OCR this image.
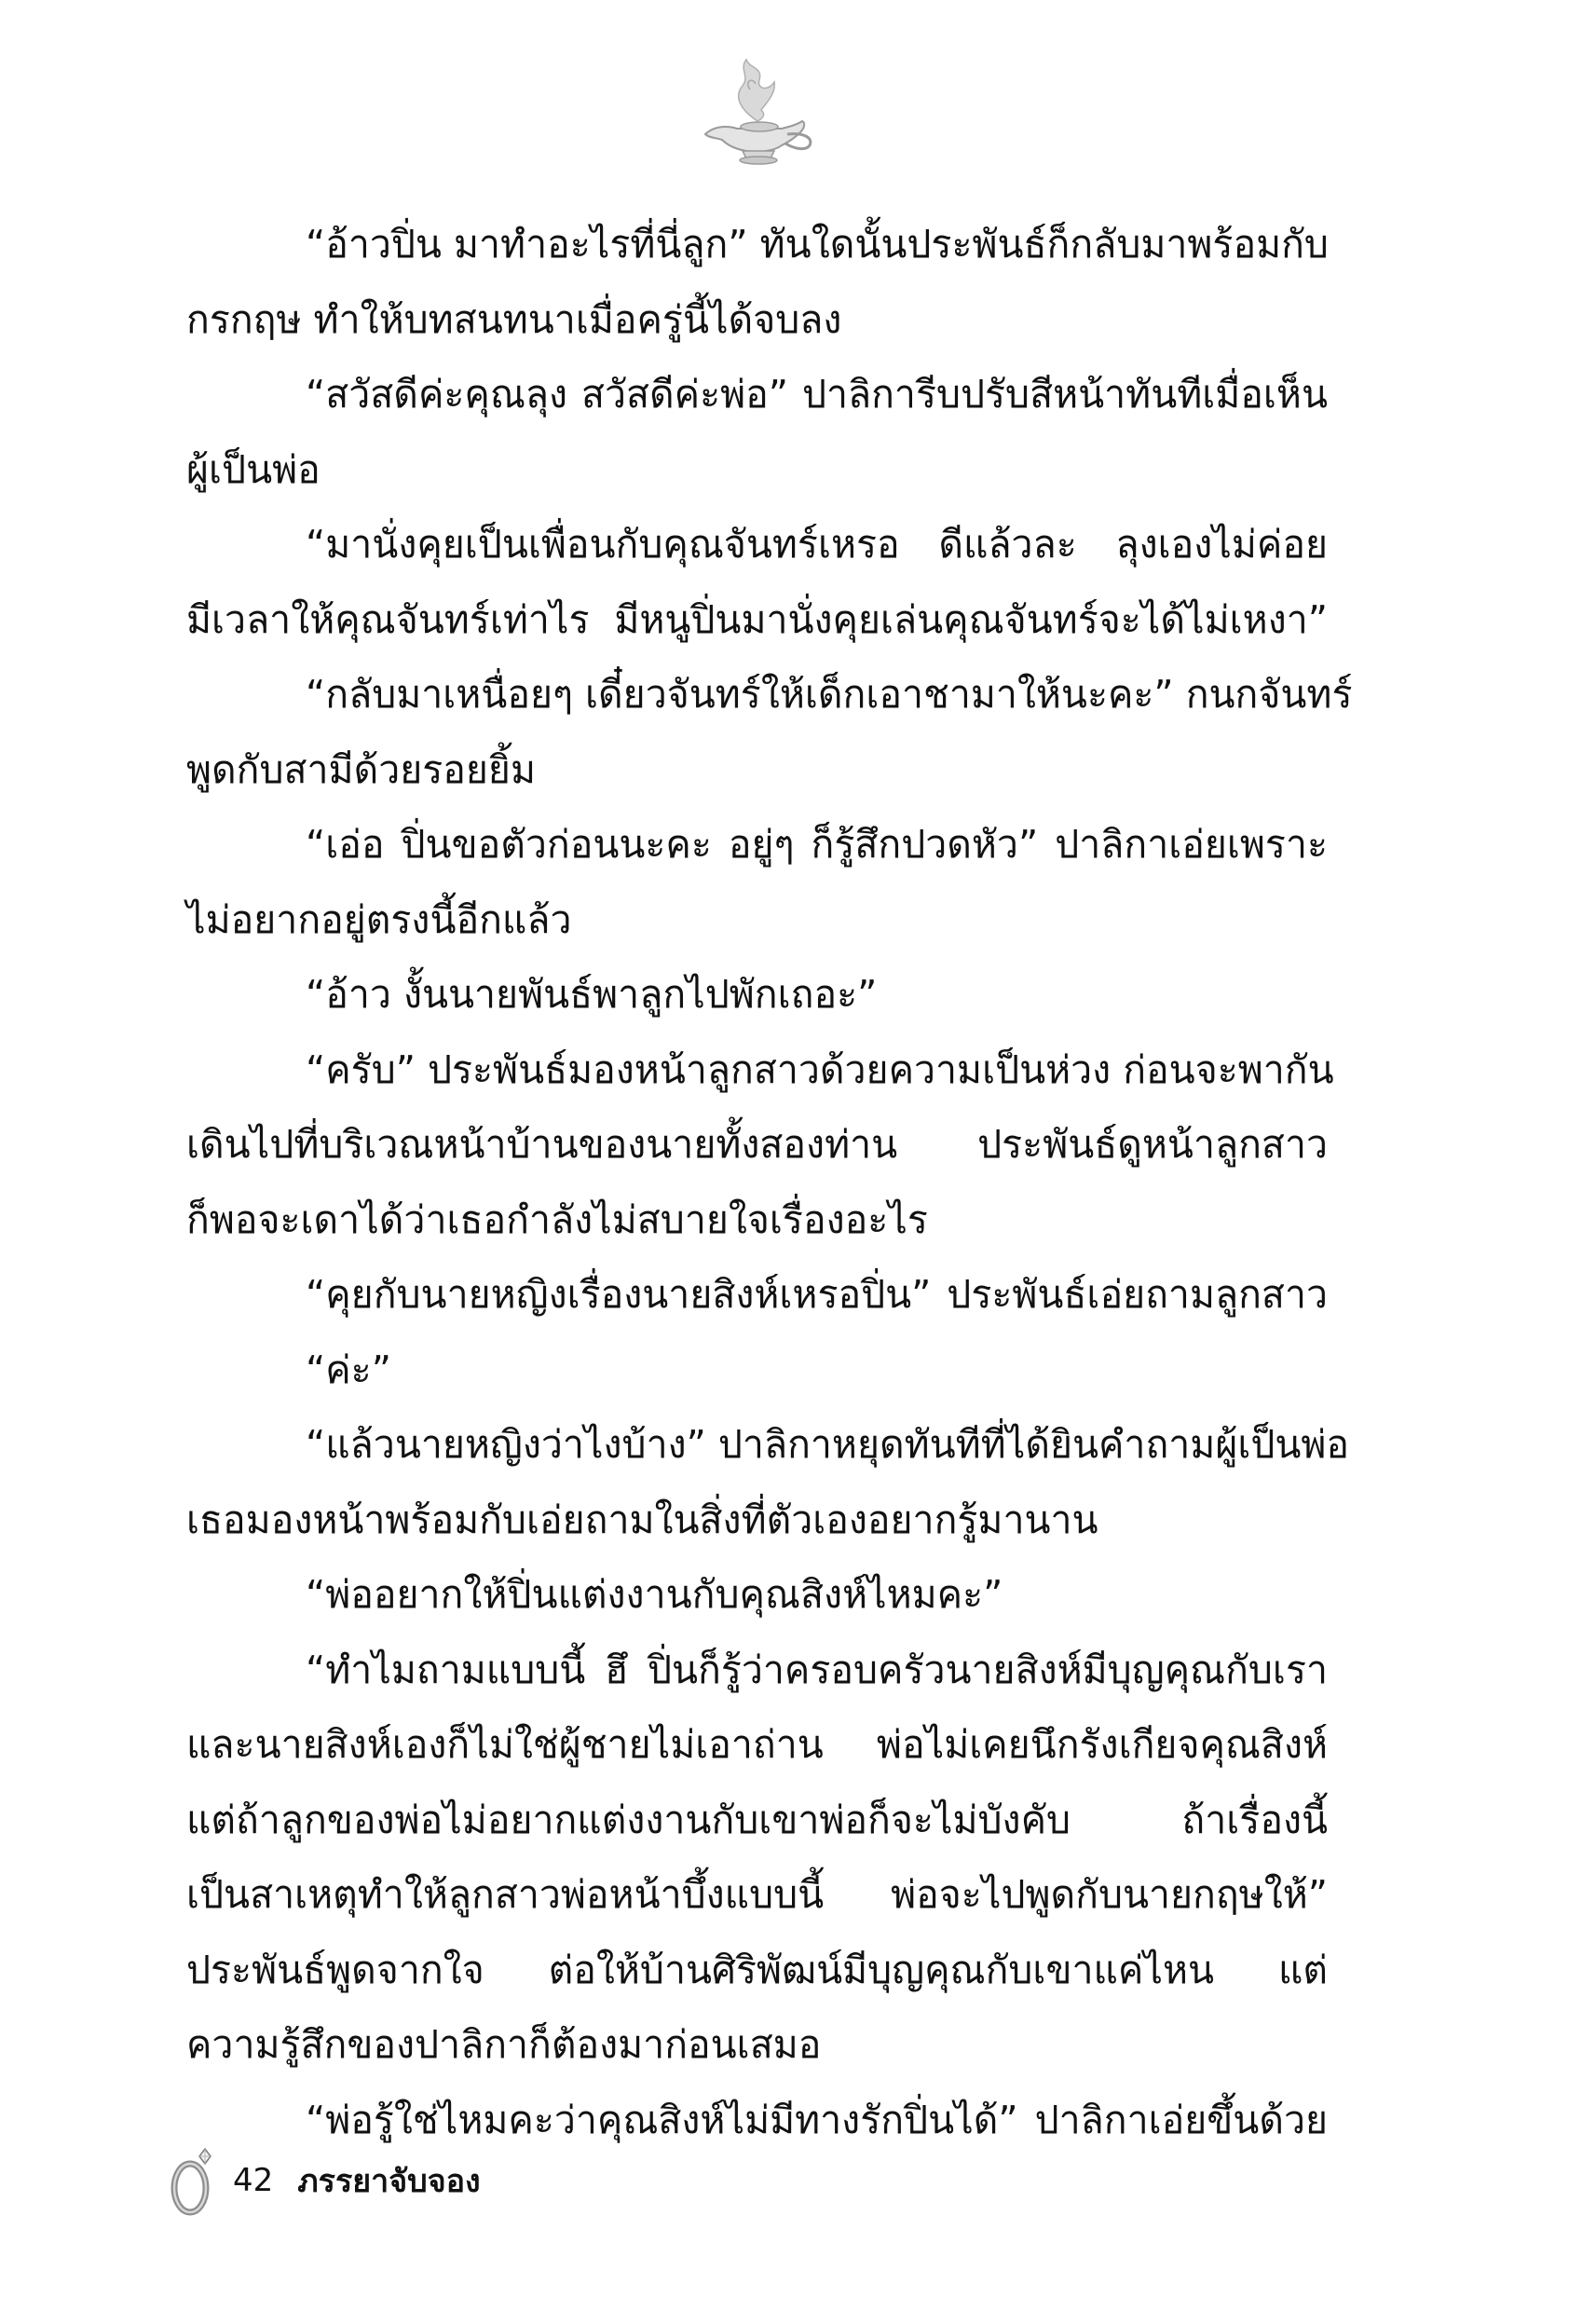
“อ้าวปิ่น มาทำอะไรที่นี่ลูก” ทันใดนั้นประพันธ์ก็กลับมาพร้อมกับ
กรกฤษ ทำให้บทสนทนาเมื่อครู่นี้ได้จบลง
“สวัสดีค่ะคุณลุง สวัสดีค่ะพ่อ” ปาลิการีบปรับสีหน้าทันทีเมื่อเห็น
ผู้เป็นพ่อ
“มานั่งคุยเป็นเพื่อนกับคุณจันทร์เหรอ ดีแล้วละ ลุงเองไม่ค่อย
มีเวลาให้คุณจันทร์เท่าไร มีหนูปิ่นมานั่งคุยเล่นคุณจันทร์จะได้ไม่เหงา”
“กลับมาเหนื่อยๆ เดี๋ยวจันทร์ให้เด็กเอาชามาให้นะคะ” กนกจันทร์
พูดกับสามีด้วยรอยยิ้ม
“เอ่อ ปิ่นขอตัวก่อนนะคะ อยู่ๆ ก็รู้สึกปวดหัว” ปาลิกาเอ่ยเพราะ
ไม่อยากอยู่ตรงนี้อีกแล้ว
“อ้าว งั้นนายพันธ์พาลูกไปพักเถอะ”
“ครับ” ประพันธ์มองหน้าลูกสาวด้วยความเป็นห่วง ก่อนจะพากัน
เดินไปที่บริเวณหน้าบ้านของนายทั้งสองท่าน ประพันธ์ดูหน้าลูกสาว
ก็พอจะเดาได้ว่าเธอกำลังไม่สบายใจเรื่องอะไร
“คุยกับนายหญิงเรื่องนายสิงห์เหรอปิ่น” ประพันธ์เอ่ยถามลูกสาว
“ค่ะ”
“แล้วนายหญิงว่าไงบ้าง” ปาลิกาหยุดทันทีที่ได้ยินคำถามผู้เป็นพ่อ
เธอมองหน้าพร้อมกับเอ่ยถามในสิ่งที่ตัวเองอยากรู้มานาน
“พ่ออยากให้ปิ่นแต่งงานกับคุณสิงห์ไหมคะ”
“ทำไมถามแบบนี้ ฮึ ปิ่นก็รู้ว่าครอบครัวนายสิงห์มีบุญคุณกับเรา
และนายสิงห์เองก็ไม่ใช่ผู้ชายไม่เอาถ่าน พ่อไม่เคยนึกรังเกียจคุณสิงห์
แต่ถ้าลูกของพ่อไม่อยากแต่งงานกับเขาพ่อก็จะไม่บังคับ ถ้าเรื่องนี้
เป็นสาเหตุทำให้ลูกสาวพ่อหน้าบึ้งแบบนี้ พ่อจะไปพูดกับนายกฤษให้”
ประพันธ์พูดจากใจ ต่อให้บ้านศิริพัฒน์มีบุญคุณกับเขาแค่ไหน แต่
ความรู้สึกของปาลิกาก็ต้องมาก่อนเสมอ
“พ่อรู้ใช่ไหมคะว่าคุณสิงห์ไม่มีทางรักปิ่นได้” ปาลิกาเอ่ยขึ้นด้วย
42 ภรรยาจับจอง
